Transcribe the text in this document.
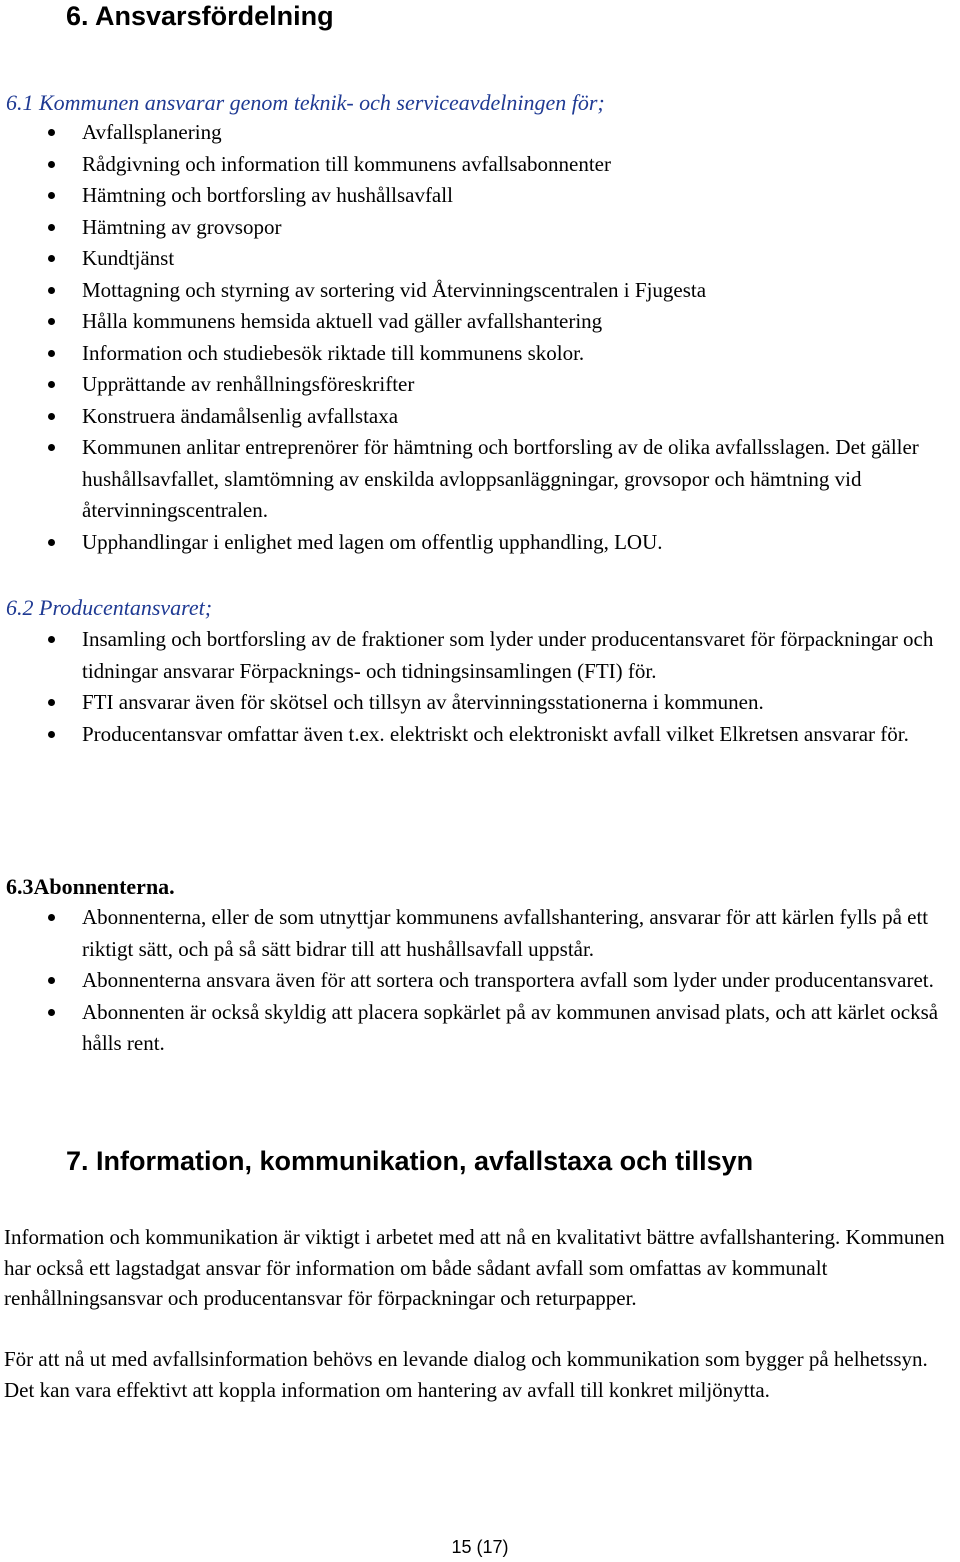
6. Ansvarsfördelning
6.1 Kommunen ansvarar genom teknik- och serviceavdelningen för;
Avfallsplanering
Rådgivning och information till kommunens avfallsabonnenter
Hämtning och bortforsling av hushållsavfall
Hämtning av grovsopor
Kundtjänst
Mottagning och styrning av sortering vid Återvinningscentralen i Fjugesta
Hålla kommunens hemsida aktuell vad gäller avfallshantering
Information och studiebesök riktade till kommunens skolor.
Upprättande av renhållningsföreskrifter
Konstruera ändamålsenlig avfallstaxa
Kommunen anlitar entreprenörer för hämtning och bortforsling av de olika avfallsslagen. Det gäller hushållsavfallet, slamtömning av enskilda avloppsanläggningar, grovsopor och hämtning vid återvinningscentralen.
Upphandlingar i enlighet med lagen om offentlig upphandling, LOU.
6.2 Producentansvaret;
Insamling och bortforsling av de fraktioner som lyder under producentansvaret för förpackningar och tidningar ansvarar Förpacknings- och tidningsinsamlingen (FTI) för.
FTI ansvarar även för skötsel och tillsyn av återvinningsstationerna i kommunen.
Producentansvar omfattar även t.ex. elektriskt och elektroniskt avfall vilket Elkretsen ansvarar för.
6.3Abonnenterna.
Abonnenterna, eller de som utnyttjar kommunens avfallshantering, ansvarar för att kärlen fylls på ett riktigt sätt, och på så sätt bidrar till att hushållsavfall uppstår.
Abonnenterna ansvara även för att sortera och transportera avfall som lyder under producentansvaret.
Abonnenten är också skyldig att placera sopkärlet på av kommunen anvisad plats, och att kärlet också hålls rent.
7. Information, kommunikation, avfallstaxa och tillsyn

Information och kommunikation är viktigt i arbetet med att nå en kvalitativt bättre avfallshantering. Kommunen har också ett lagstadgat ansvar för information om både sådant avfall som omfattas av kommunalt renhållningsansvar och producentansvar för förpackningar och returpapper.

För att nå ut med avfallsinformation behövs en levande dialog och kommunikation som bygger på helhetssyn. Det kan vara effektivt att koppla information om hantering av avfall till konkret miljönytta.

15 (17)
